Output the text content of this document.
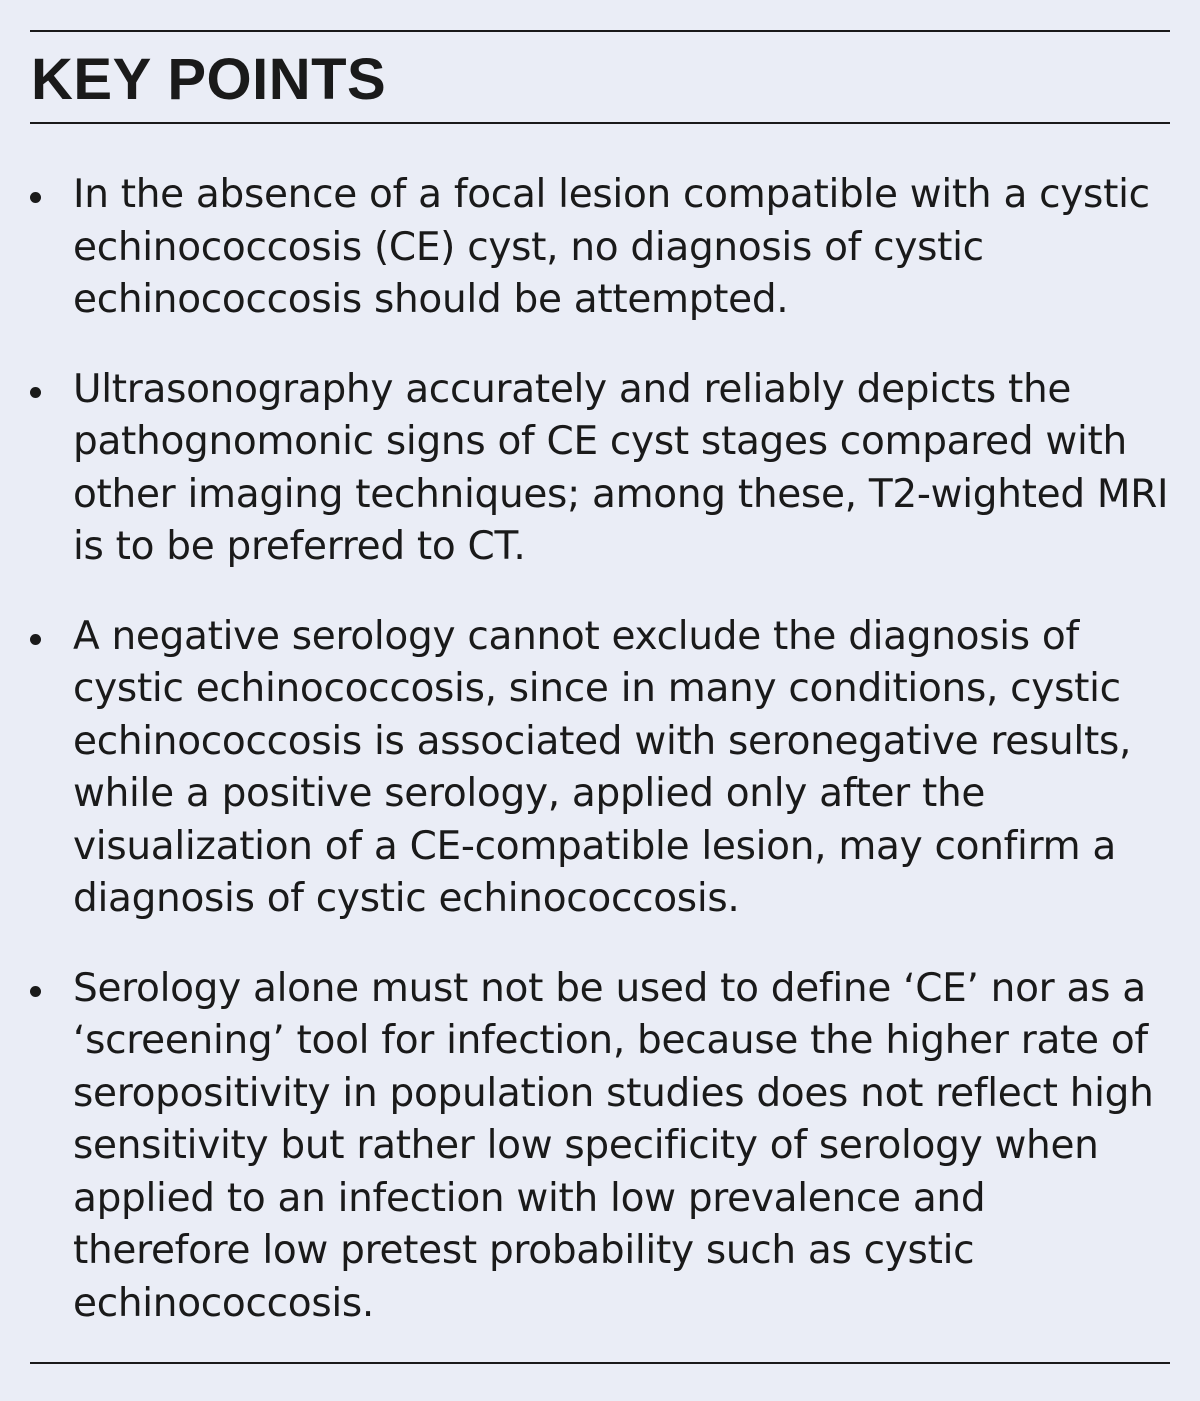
KEY POINTS
In the absence of a focal lesion compatible with a cystic echinococcosis (CE) cyst, no diagnosis of cystic echinococcosis should be attempted.
Ultrasonography accurately and reliably depicts the pathognomonic signs of CE cyst stages compared with other imaging techniques; among these, T2-wighted MRI is to be preferred to CT.
A negative serology cannot exclude the diagnosis of cystic echinococcosis, since in many conditions, cystic echinococcosis is associated with seronegative results, while a positive serology, applied only after the visualization of a CE-compatible lesion, may confirm a diagnosis of cystic echinococcosis.
Serology alone must not be used to define ‘CE’ nor as a ‘screening’ tool for infection, because the higher rate of seropositivity in population studies does not reflect high sensitivity but rather low specificity of serology when applied to an infection with low prevalence and therefore low pretest probability such as cystic echinococcosis.
